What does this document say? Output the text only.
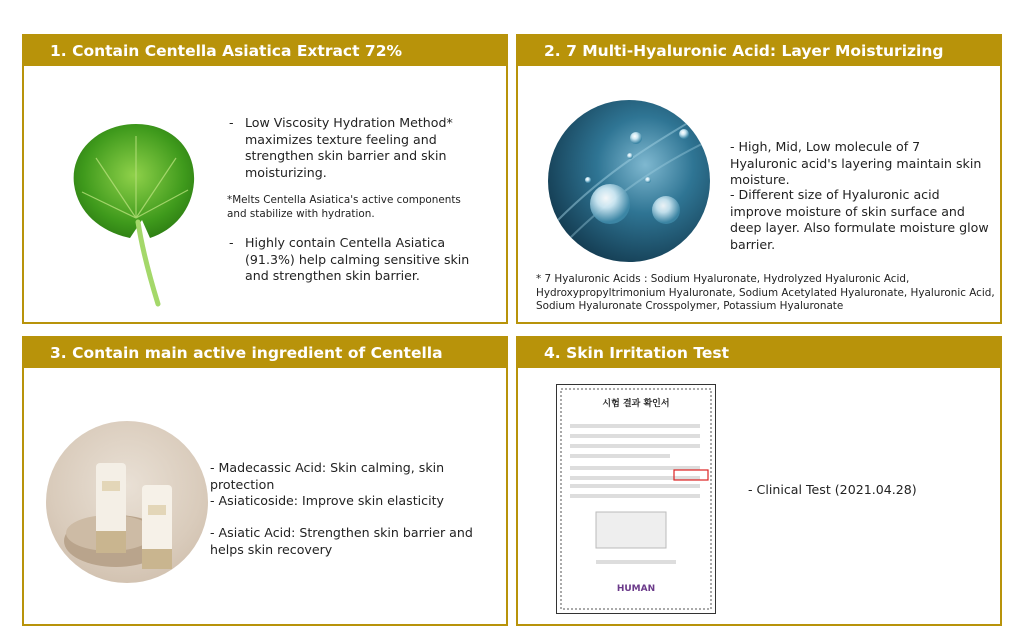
1. Contain Centella Asiatica Extract 72%
- Low Viscosity Hydration Method* maximizes texture feeling and strengthen skin barrier and skin moisturizing.
*Melts Centella Asiatica's active components and stabilize with hydration.
- Highly contain Centella Asiatica (91.3%) help calming sensitive skin and strengthen skin barrier.
2. 7 Multi-Hyaluronic Acid: Layer Moisturizing
- High, Mid, Low molecule of 7 Hyaluronic acid's layering maintain skin moisture.
- Different size of Hyaluronic acid improve moisture of skin surface and deep layer. Also formulate moisture glow barrier.
* 7 Hyaluronic Acids : Sodium Hyaluronate, Hydrolyzed Hyaluronic Acid, Hydroxypropyltrimonium Hyaluronate, Sodium Acetylated Hyaluronate, Hyaluronic Acid, Sodium Hyaluronate Crosspolymer, Potassium Hyaluronate
3. Contain main active ingredient of Centella Asiatica
- Madecassic Acid: Skin calming, skin protection
- Asiaticoside: Improve skin elasticity
- Asiatic Acid: Strengthen skin barrier and helps skin recovery
4. Skin Irritation Test
시험 결과 확인서
HUMAN
- Clinical Test (2021.04.28)
